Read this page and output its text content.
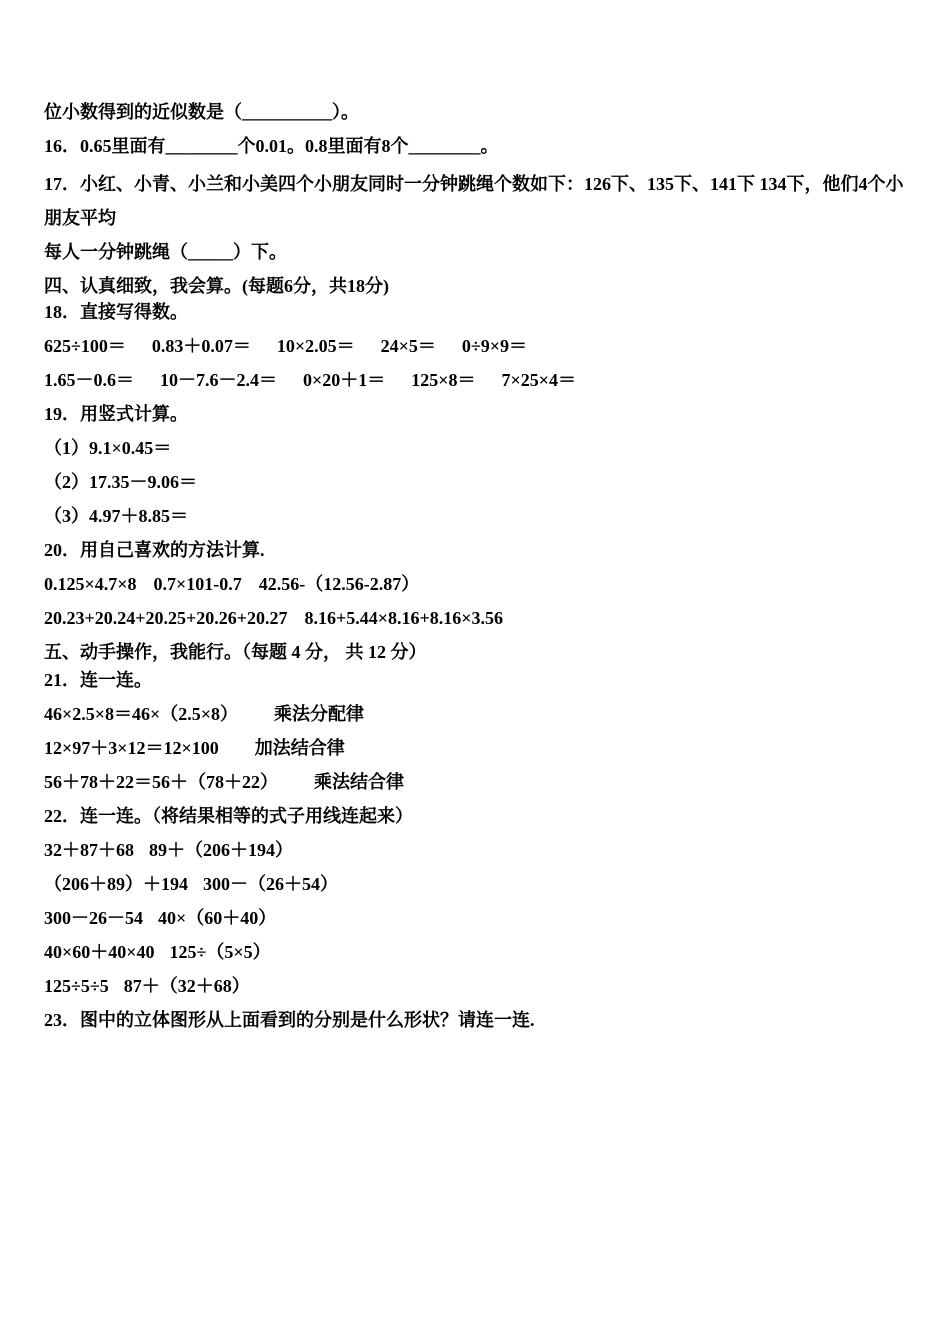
位小数得到的近似数是（__________）。

16．0.65里面有________个0.01。0.8里面有8个________。

17．小红、小青、小兰和小美四个小朋友同时一分钟跳绳个数如下：126下、135下、141下 134下，他们4个小朋友平均

每人一分钟跳绳（_____）下。

四、认真细致，我会算。(每题6分，共18分)

18．直接写得数。

625÷100＝ 0.83＋0.07＝ 10×2.05＝ 24×5＝ 0÷9×9＝

1.65－0.6＝ 10－7.6－2.4＝ 0×20＋1＝ 125×8＝ 7×25×4＝

19．用竖式计算。

（1）9.1×0.45＝

（2）17.35－9.06＝

（3）4.97＋8.85＝

20．用自己喜欢的方法计算.

0.125×4.7×8 0.7×101-0.7 42.56-（12.56-2.87）

20.23+20.24+20.25+20.26+20.27 8.16+5.44×8.16+8.16×3.56

五、动手操作，我能行。（每题 4 分， 共 12 分）

21．连一连。

46×2.5×8＝46×（2.5×8） 乘法分配律

12×97＋3×12＝12×100 加法结合律

56＋78＋22＝56＋（78＋22） 乘法结合律

22．连一连。（将结果相等的式子用线连起来）

32＋87＋68 89＋（206＋194）

（206＋89）＋194 300－（26＋54）

300－26－54 40×（60＋40）

40×60＋40×40 125÷（5×5）

125÷5÷5 87＋（32＋68）

23．图中的立体图形从上面看到的分别是什么形状？请连一连.
